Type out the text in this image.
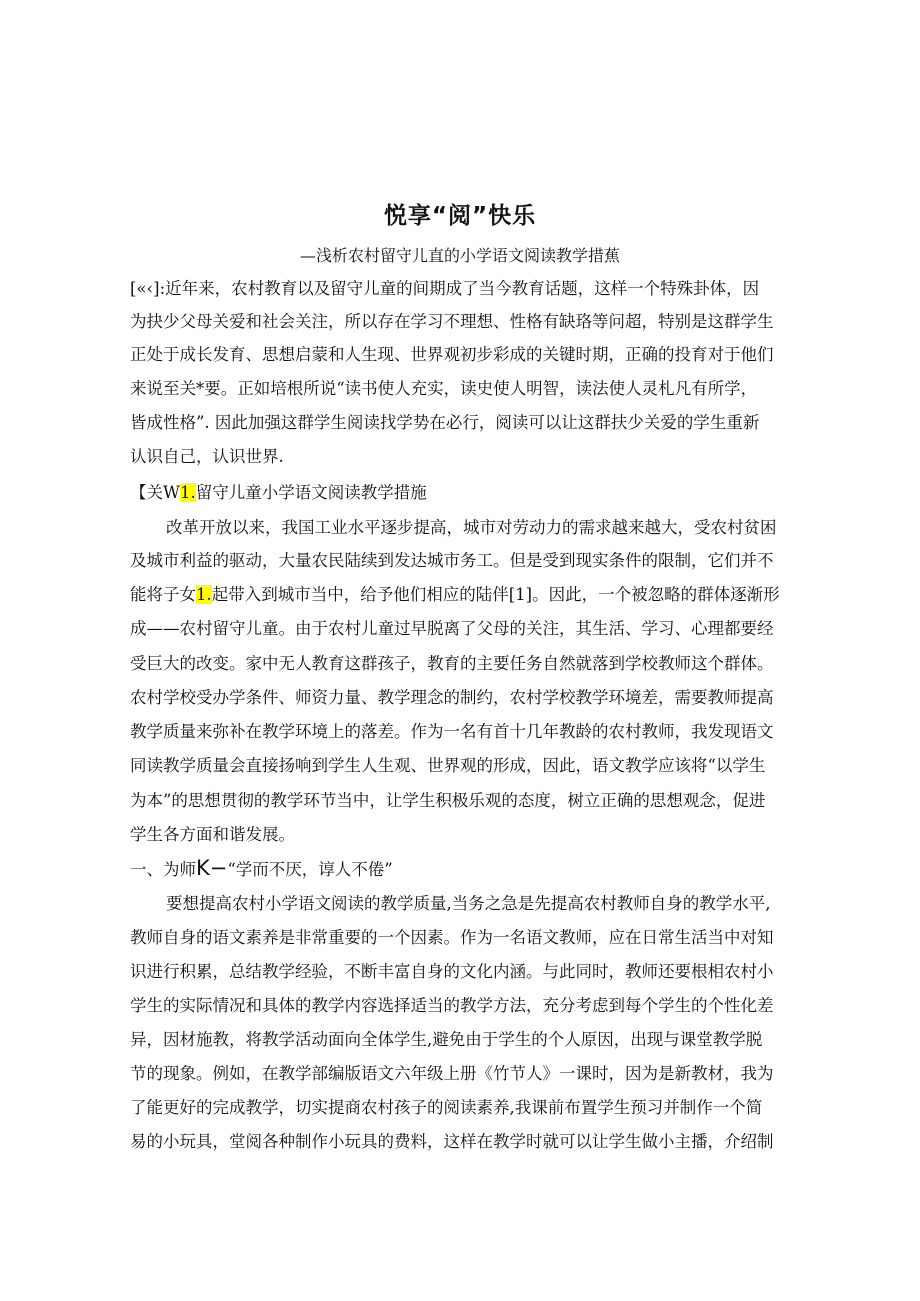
悦享“阅”快乐

—浅析农村留守儿直的小学语文阅读教学措蕉

[«‹]:近年来，农村教育以及留守儿童的间期成了当今教育话题，这样一个特殊卦体，因

为抉少父母关爱和社会关注，所以存在学习不理想、性格有缺珞等问超，特别是这群学生

正处于成长发育、思想启蒙和人生现、世界观初步彩成的关键时期，正确的投育对于他们

来说至关*要。正如培根所说“读书使人充实，读史使人明智，读法使人灵札凡有所学，

皆成性格”. 因此加强这群学生阅读找学势在必行，阅读可以让这群扶少关爱的学生重新

认识自己，认识世界.

【关W1.留守儿童小学语文阅读教学措施

改革开放以来，我国工业水平逐步提高，城市对劳动力的需求越来越大，受农村贫困

及城市利益的驱动，大量农民陆续到发达城市务工。但是受到现实条件的限制，它们并不

能将子女1.起带入到城市当中，给予他们相应的陆伴[1]。因此，一个被忽略的群体逐渐形

成——农村留守儿童。由于农村儿童过早脱离了父母的关注，其生活、学习、心理都要经

受巨大的改变。家中无人教育这群孩子，教育的主要任务自然就落到学校教师这个群体。

农村学校受办学条件、师资力量、教学理念的制约，农村学校教学环境差，需要教师提高

教学质量来弥补在教学环境上的落差。作为一名有首十几年教龄的农村教师，我发现语文

同读教学质量会直接扬响到学生人生观、世界观的形成，因此，语文教学应该将“以学生

为本”的思想贯彻的教学环节当中，让学生积极乐观的态度，树立正确的思想观念，促进

学生各方面和谐发展。

一、为师K−“学而不厌，谆人不倦”

要想提高农村小学语文阅读的教学质量,当务之急是先提高农村教师自身的教学水平,

教师自身的语文素养是非常重要的一个因素。作为一名语文教师，应在日常生活当中对知

识进行积累，总结教学经验，不断丰富自身的文化内涵。与此同时，教师还要根相农村小

学生的实际情况和具体的教学内容选择适当的教学方法，充分考虑到每个学生的个性化差

异，因材施教，将教学活动面向全体学生,避免由于学生的个人原因，出现与课堂教学脱

节的现象。例如，在教学部编版语文六年级上册《竹节人》一课时，因为是新教材，我为

了能更好的完成教学，切实提商农村孩子的阅读素养,我课前布置学生预习并制作一个简

易的小玩具，堂阅各种制作小玩具的费料，这样在教学时就可以让学生做小主播，介绍制
